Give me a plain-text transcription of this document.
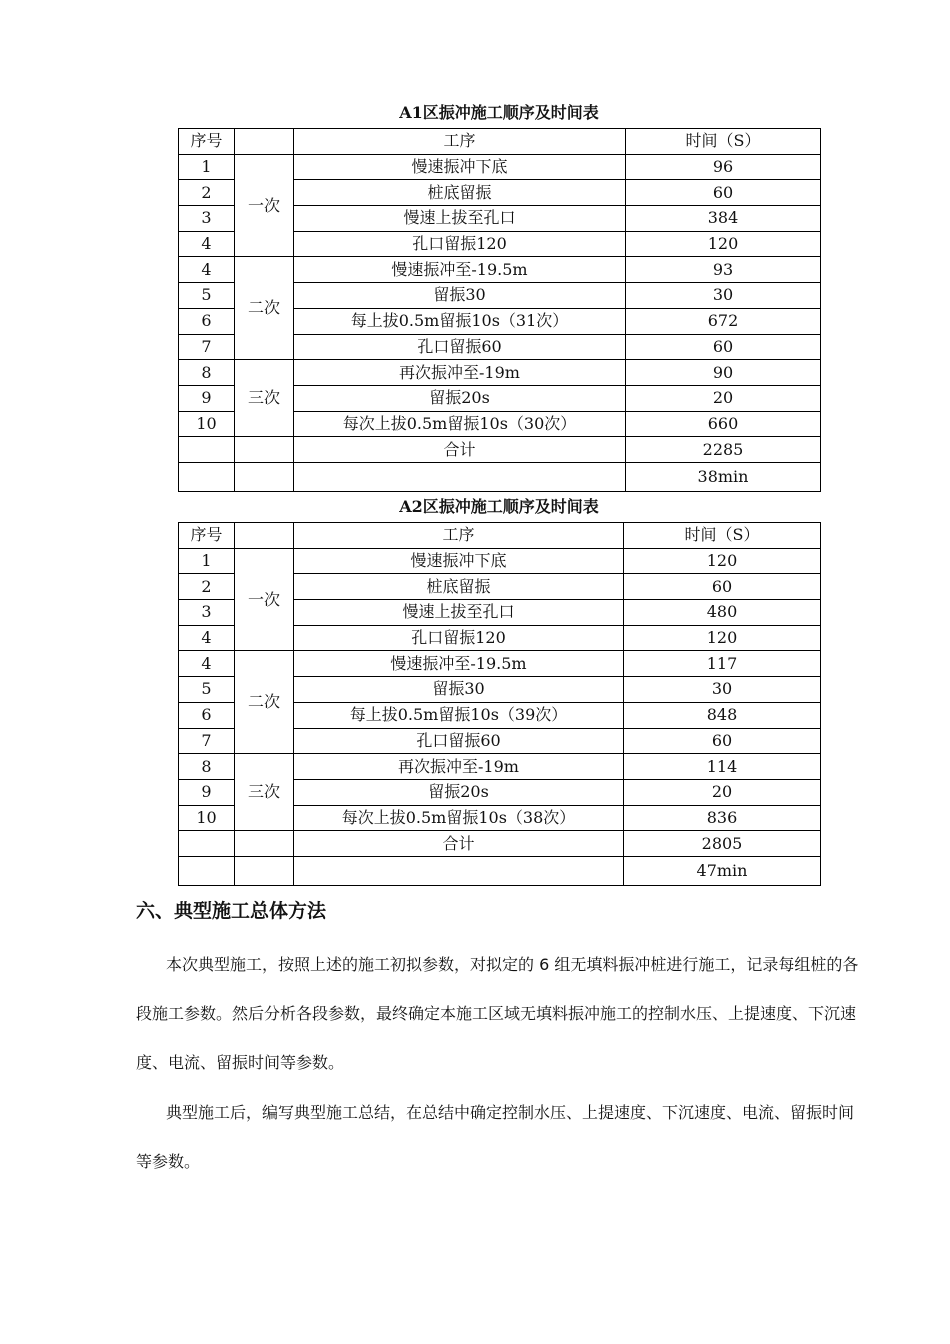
A1区振冲施工顺序及时间表
序号		工序	时间（S）
1	一次	慢速振冲下底	96
2		桩底留振	60
3		慢速上拔至孔口	384
4		孔口留振120	120
4	二次	慢速振冲至-19.5m	93
5		留振30	30
6		每上拔0.5m留振10s（31次）	672
7		孔口留振60	60
8	三次	再次振冲至-19m	90
9		留振20s	20
10		每次上拔0.5m留振10s（30次）	660
		合计	2285
			38min
A2区振冲施工顺序及时间表
序号		工序	时间（S）
1	一次	慢速振冲下底	120
2		桩底留振	60
3		慢速上拔至孔口	480
4		孔口留振120	120
4	二次	慢速振冲至-19.5m	117
5		留振30	30
6		每上拔0.5m留振10s（39次）	848
7		孔口留振60	60
8	三次	再次振冲至-19m	114
9		留振20s	20
10		每次上拔0.5m留振10s（38次）	836
		合计	2805
			47min
六、典型施工总体方法

本次典型施工，按照上述的施工初拟参数，对拟定的 6 组无填料振冲桩进行施工，记录每组桩的各段施工参数。然后分析各段参数，最终确定本施工区域无填料振冲施工的控制水压、上提速度、下沉速度、电流、留振时间等参数。

典型施工后，编写典型施工总结，在总结中确定控制水压、上提速度、下沉速度、电流、留振时间等参数。
